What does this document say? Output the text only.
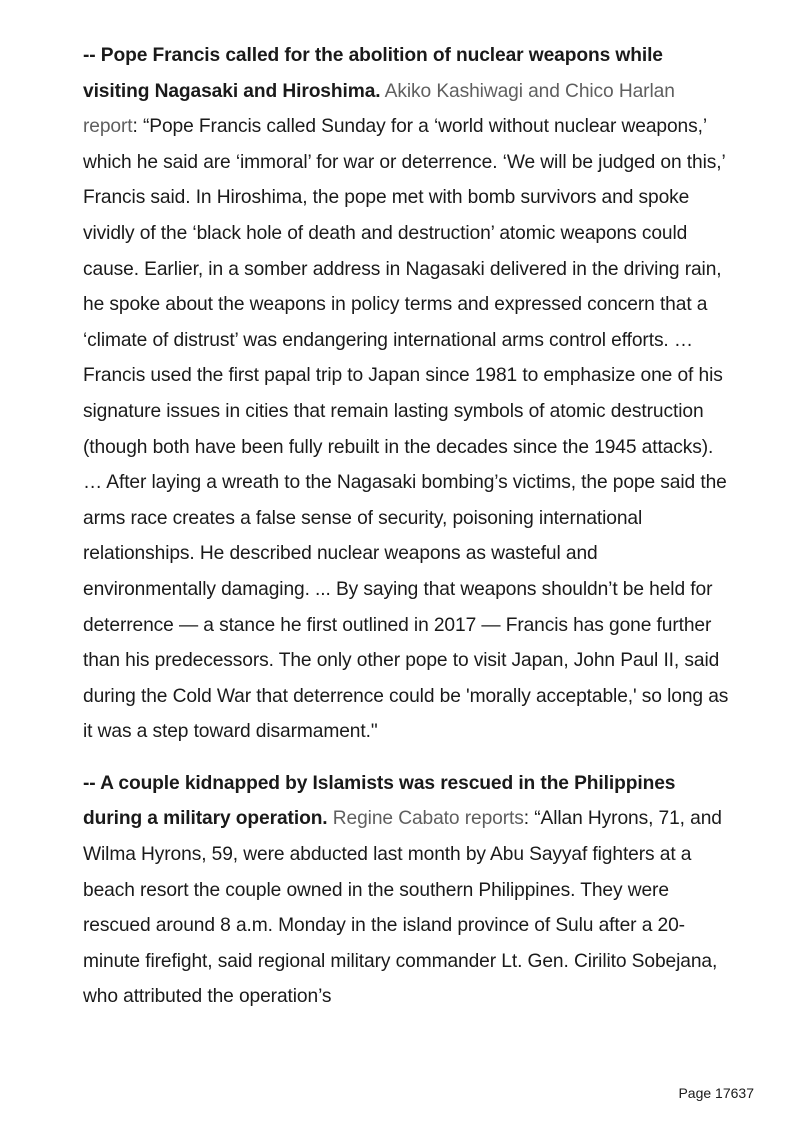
-- Pope Francis called for the abolition of nuclear weapons while visiting Nagasaki and Hiroshima. Akiko Kashiwagi and Chico Harlan report: “Pope Francis called Sunday for a ‘world without nuclear weapons,’ which he said are ‘immoral’ for war or deterrence. ‘We will be judged on this,’ Francis said. In Hiroshima, the pope met with bomb survivors and spoke vividly of the ‘black hole of death and destruction’ atomic weapons could cause. Earlier, in a somber address in Nagasaki delivered in the driving rain, he spoke about the weapons in policy terms and expressed concern that a ‘climate of distrust’ was endangering international arms control efforts. … Francis used the first papal trip to Japan since 1981 to emphasize one of his signature issues in cities that remain lasting symbols of atomic destruction (though both have been fully rebuilt in the decades since the 1945 attacks). … After laying a wreath to the Nagasaki bombing’s victims, the pope said the arms race creates a false sense of security, poisoning international relationships. He described nuclear weapons as wasteful and environmentally damaging. ... By saying that weapons shouldn’t be held for deterrence — a stance he first outlined in 2017 — Francis has gone further than his predecessors. The only other pope to visit Japan, John Paul II, said during the Cold War that deterrence could be 'morally acceptable,' so long as it was a step toward disarmament."

-- A couple kidnapped by Islamists was rescued in the Philippines during a military operation. Regine Cabato reports: “Allan Hyrons, 71, and Wilma Hyrons, 59, were abducted last month by Abu Sayyaf fighters at a beach resort the couple owned in the southern Philippines. They were rescued around 8 a.m. Monday in the island province of Sulu after a 20-minute firefight, said regional military commander Lt. Gen. Cirilito Sobejana, who attributed the operation’s

Page 17637
